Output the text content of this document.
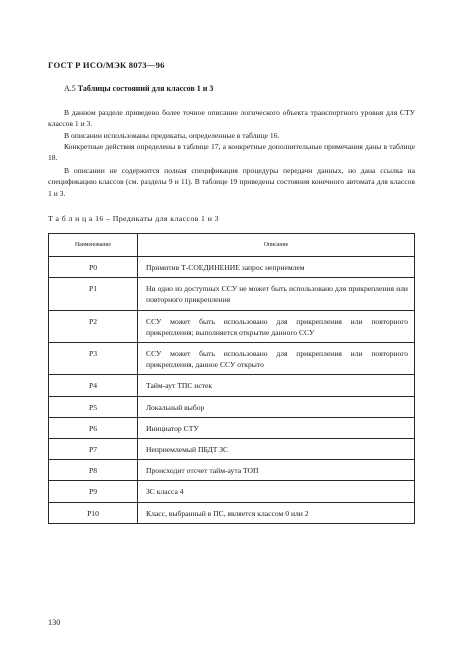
ГОСТ Р ИСО/МЭК 8073—96
А.5 Таблицы состояний для классов 1 и 3
В данном разделе приведено более точное описание логического объекта транспортного уровня для СТУ классов 1 и 3.
В описании использованы предикаты, определенные в таблице 16.
Конкретные действия определены в таблице 17, а конкретные дополнительные примечания даны в таблице 18.
В описании не содержится полная спецификация процедуры передачи данных, но дана ссылка на спецификацию классов (см. разделы 9 и 11). В таблице 19 приведены состояния конечного автомата для классов 1 и 3.
Т а б л и ц а 16 – Предикаты для классов 1 и 3
Наименование	Описание
P0	Примитив Т-СОЕДИНЕНИЕ запрос неприемлем
P1	Ни одно из доступных ССУ не может быть использовано для прикрепления или повторного прикрепления
P2	ССУ может быть использовано для прикрепления или повторного прикрепления; выполняется открытие данного ССУ
P3	ССУ может быть использовано для прикрепления или повторного прикрепления, данное ССУ открыто
P4	Тайм-аут ТПС истек
P5	Локальный выбор
P6	Инициатор СТУ
P7	Неприемлемый ПБДТ ЗС
P8	Происходит отсчет тайм-аута ТОП
P9	ЗС класса 4
P10	Класс, выбранный в ПС, является классом 0 или 2
130
